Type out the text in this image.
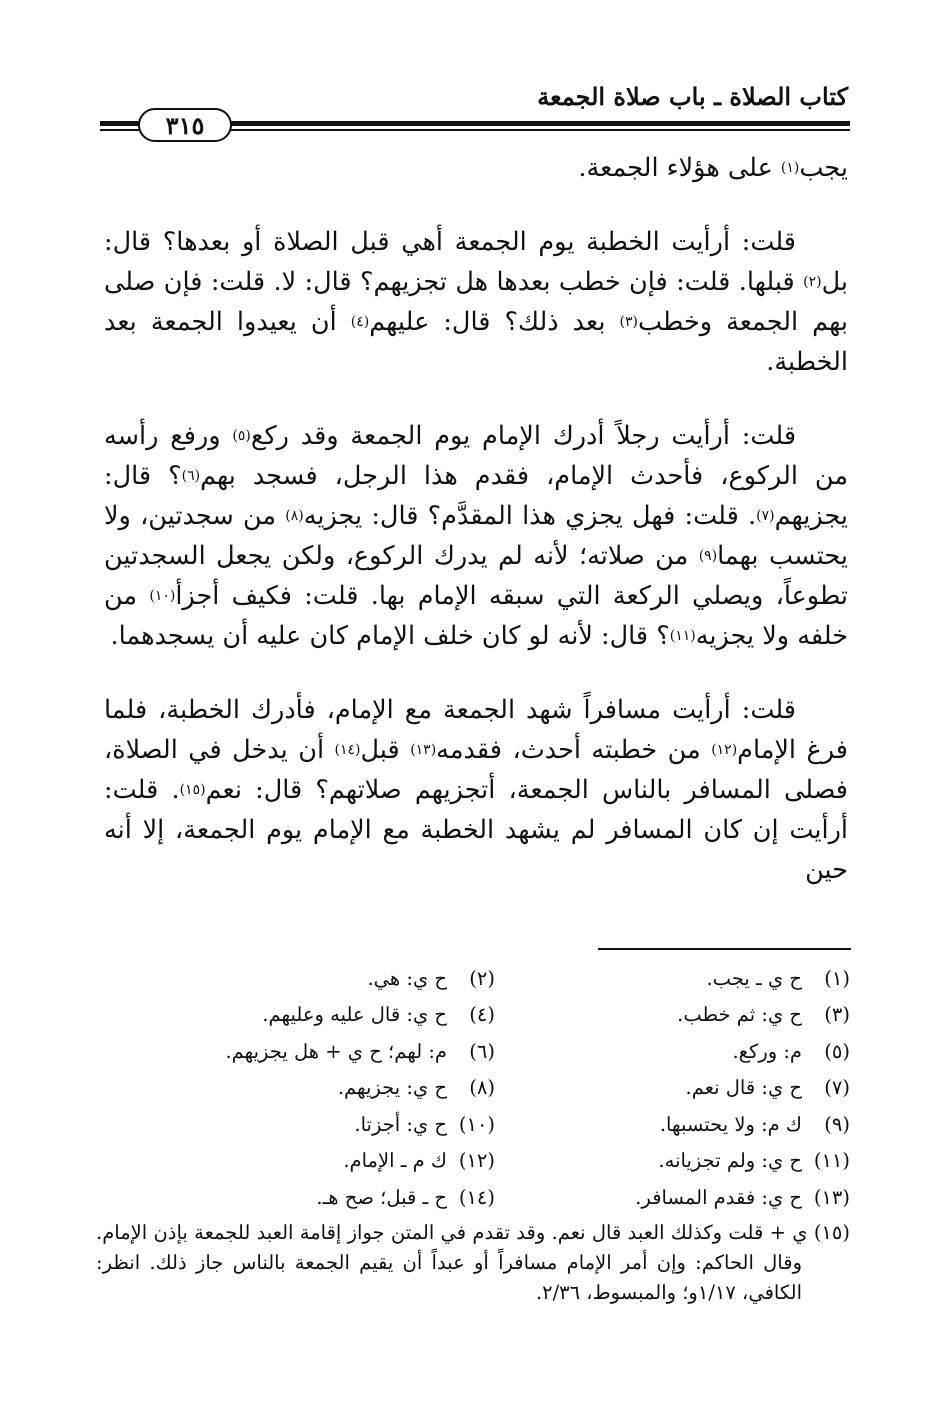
كتاب الصلاة ـ باب صلاة الجمعة
٣١٥

يجب$^{(١)}$ على هؤلاء الجمعة.

قلت: أرأيت الخطبة يوم الجمعة أهي قبل الصلاة أو بعدها؟ قال: بل$^{(٢)}$ قبلها. قلت: فإن خطب بعدها هل تجزيهم؟ قال: لا. قلت: فإن صلى بهم الجمعة وخطب$^{(٣)}$ بعد ذلك؟ قال: عليهم$^{(٤)}$ أن يعيدوا الجمعة بعد الخطبة.

قلت: أرأيت رجلاً أدرك الإمام يوم الجمعة وقد ركع$^{(٥)}$ ورفع رأسه من الركوع، فأحدث الإمام، فقدم هذا الرجل، فسجد بهم$^{(٦)}$؟ قال: يجزيهم$^{(٧)}$. قلت: فهل يجزي هذا المقدَّم؟ قال: يجزيه$^{(٨)}$ من سجدتين، ولا يحتسب بهما$^{(٩)}$ من صلاته؛ لأنه لم يدرك الركوع، ولكن يجعل السجدتين تطوعاً، ويصلي الركعة التي سبقه الإمام بها. قلت: فكيف أجزأ$^{(١٠)}$ من خلفه ولا يجزيه$^{(١١)}$؟ قال: لأنه لو كان خلف الإمام كان عليه أن يسجدهما.

قلت: أرأيت مسافراً شهد الجمعة مع الإمام، فأدرك الخطبة، فلما فرغ الإمام$^{(١٢)}$ من خطبته أحدث، فقدمه$^{(١٣)}$ قبل$^{(١٤)}$ أن يدخل في الصلاة، فصلى المسافر بالناس الجمعة، أتجزيهم صلاتهم؟ قال: نعم$^{(١٥)}$. قلت: أرأيت إن كان المسافر لم يشهد الخطبة مع الإمام يوم الجمعة، إلا أنه حين

(١)
ح ي ـ يجب.
(٢)
ح ي: هي.
(٣)
ح ي: ثم خطب.
(٤)
ح ي: قال عليه وعليهم.
(٥)
م: وركع.
(٦)
م: لهم؛ ح ي + هل يجزيهم.
(٧)
ح ي: قال نعم.
(٨)
ح ي: يجزيهم.
(٩)
ك م: ولا يحتسبها.
(١٠)
ح ي: أجزتا.
(١١)
ح ي: ولم تجزيانه.
(١٢)
ك م ـ الإمام.
(١٣)
ح ي: فقدم المسافر.
(١٤)
ح ـ قبل؛ صح هـ.
(١٥) ي + قلت وكذلك العبد قال نعم. وقد تقدم في المتن جواز إقامة العبد للجمعة بإذن الإمام. وقال الحاكم: وإن أمر الإمام مسافراً أو عبداً أن يقيم الجمعة بالناس جاز ذلك. انظر: الكافي، ١/١٧و؛ والمبسوط، ٢/٣٦.
